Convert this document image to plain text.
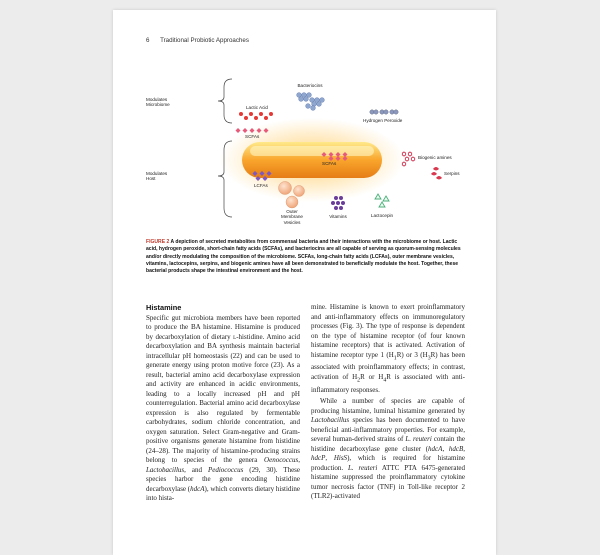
6 Traditional Probiotic Approaches
Modulates
Microbiome
Modulates
Host
Bacteriocins
Lactic Acid
Hydrogen Peroxide
SCFAs
SCFAs
Biogenic amines
Serpins
LCFAs
Outer
Membrane
Vesicles
Vitamins	Lactocepin
FIGURE 2 A depiction of secreted metabolites from commensal bacteria and their interactions with the microbiome or host. Lactic acid, hydrogen peroxide, short-chain fatty acids (SCFAs), and bacteriocins are all capable of serving as quorum-sensing molecules and/or directly modulating the composition of the microbiome. SCFAs, long-chain fatty acids (LCFAs), outer membrane vesicles, vitamins, lactocepins, serpins, and biogenic amines have all been demonstrated to beneficially modulate the host. Together, these bacterial products shape the intestinal environment and the host.
Histamine

Specific gut microbiota members have been reported to produce the BA histamine. Histamine is produced by decarboxylation of dietary l-histidine. Amino acid decarboxylation and BA synthesis maintain bacterial intracellular pH homeostasis (22) and can be used to generate energy using proton motive force (23). As a result, bacterial amino acid decarboxylase expression and activity are enhanced in acidic environments, leading to a locally increased pH and pH counterregulation. Bacterial amino acid decarboxylase expression is also regulated by fermentable carbohydrates, sodium chloride concentration, and oxygen saturation. Select Gram-negative and Gram-positive organisms generate histamine from histidine (24–28). The majority of histamine-producing strains belong to species of the genera Oenococcus, Lactobacillus, and Pediococcus (29, 30). These species harbor the gene encoding histidine decarboxylase (hdcA), which converts dietary histidine into hista-

mine. Histamine is known to exert proinflammatory and anti-inflammatory effects on immunoregulatory processes (Fig. 3). The type of response is dependent on the type of histamine receptor (of four known histamine receptors) that is activated. Activation of histamine receptor type 1 $(H_1R)$ or 3 $(H_3R)$ has been associated with proinflammatory effects; in contrast, activation of $H_2R$ or $H_4R$ is associated with anti-inflammatory responses.

While a number of species are capable of producing histamine, luminal histamine generated by Lactobacillus species has been documented to have beneficial anti-inflammatory properties. For example, several human-derived strains of L. reuteri contain the histidine decarboxylase gene cluster (hdcA, hdcB, hdcP, HisS), which is required for histamine production. L. reuteri ATTC PTA 6475-generated histamine suppressed the proinflammatory cytokine tumor necrosis factor (TNF) in Toll-like receptor 2 (TLR2)-activated
